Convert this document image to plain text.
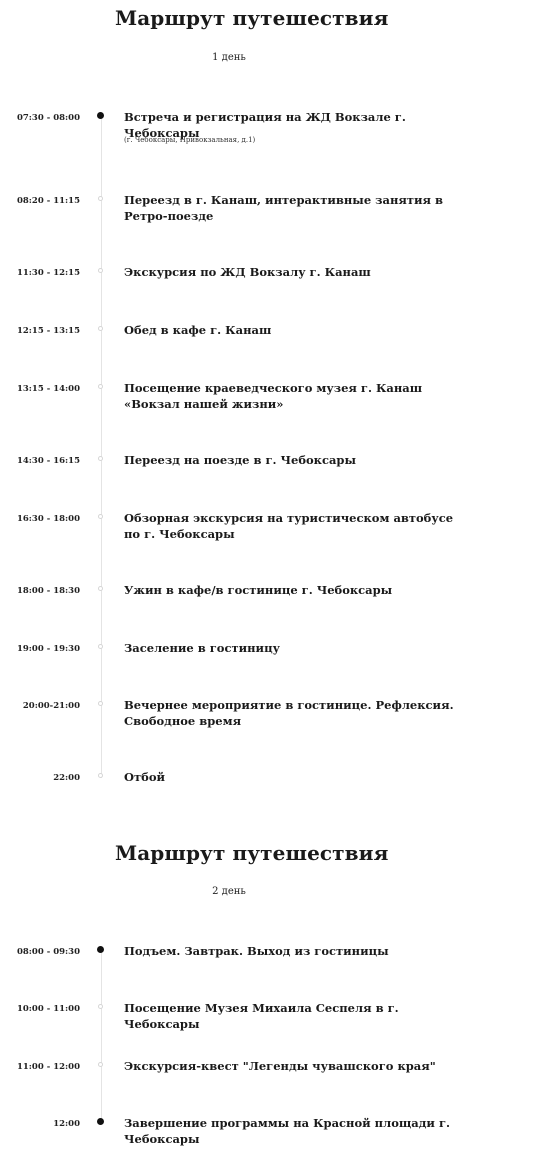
Маршрут путешествия
1 день
07:30 - 08:00	Встреча и регистрация на ЖД Вокзале г. Чебоксары
(г. Чебоксары, Привокзальная, д.1)
08:20 - 11:15	Переезд в г. Канаш, интерактивные занятия в Ретро-поезде
11:30 - 12:15	Экскурсия по ЖД Вокзалу г. Канаш
12:15 - 13:15	Обед в кафе г. Канаш
13:15 - 14:00	Посещение краеведческого музея г. Канаш «Вокзал нашей жизни»
14:30 - 16:15	Переезд на поезде в г. Чебоксары
16:30 - 18:00	Обзорная экскурсия на туристическом автобусе по г. Чебоксары
18:00 - 18:30	Ужин в кафе/в гостинице г. Чебоксары
19:00 - 19:30	Заселение в гостиницу
20:00-21:00	Вечернее мероприятие в гостинице. Рефлексия. Свободное время
22:00	Отбой
Маршрут путешествия
2 день
08:00 - 09:30	Подъем. Завтрак. Выход из гостиницы
10:00 - 11:00	Посещение Музея Михаила Сеспеля в г. Чебоксары
11:00 - 12:00	Экскурсия-квест "Легенды чувашского края"
12:00	Завершение программы на Красной площади г. Чебоксары
